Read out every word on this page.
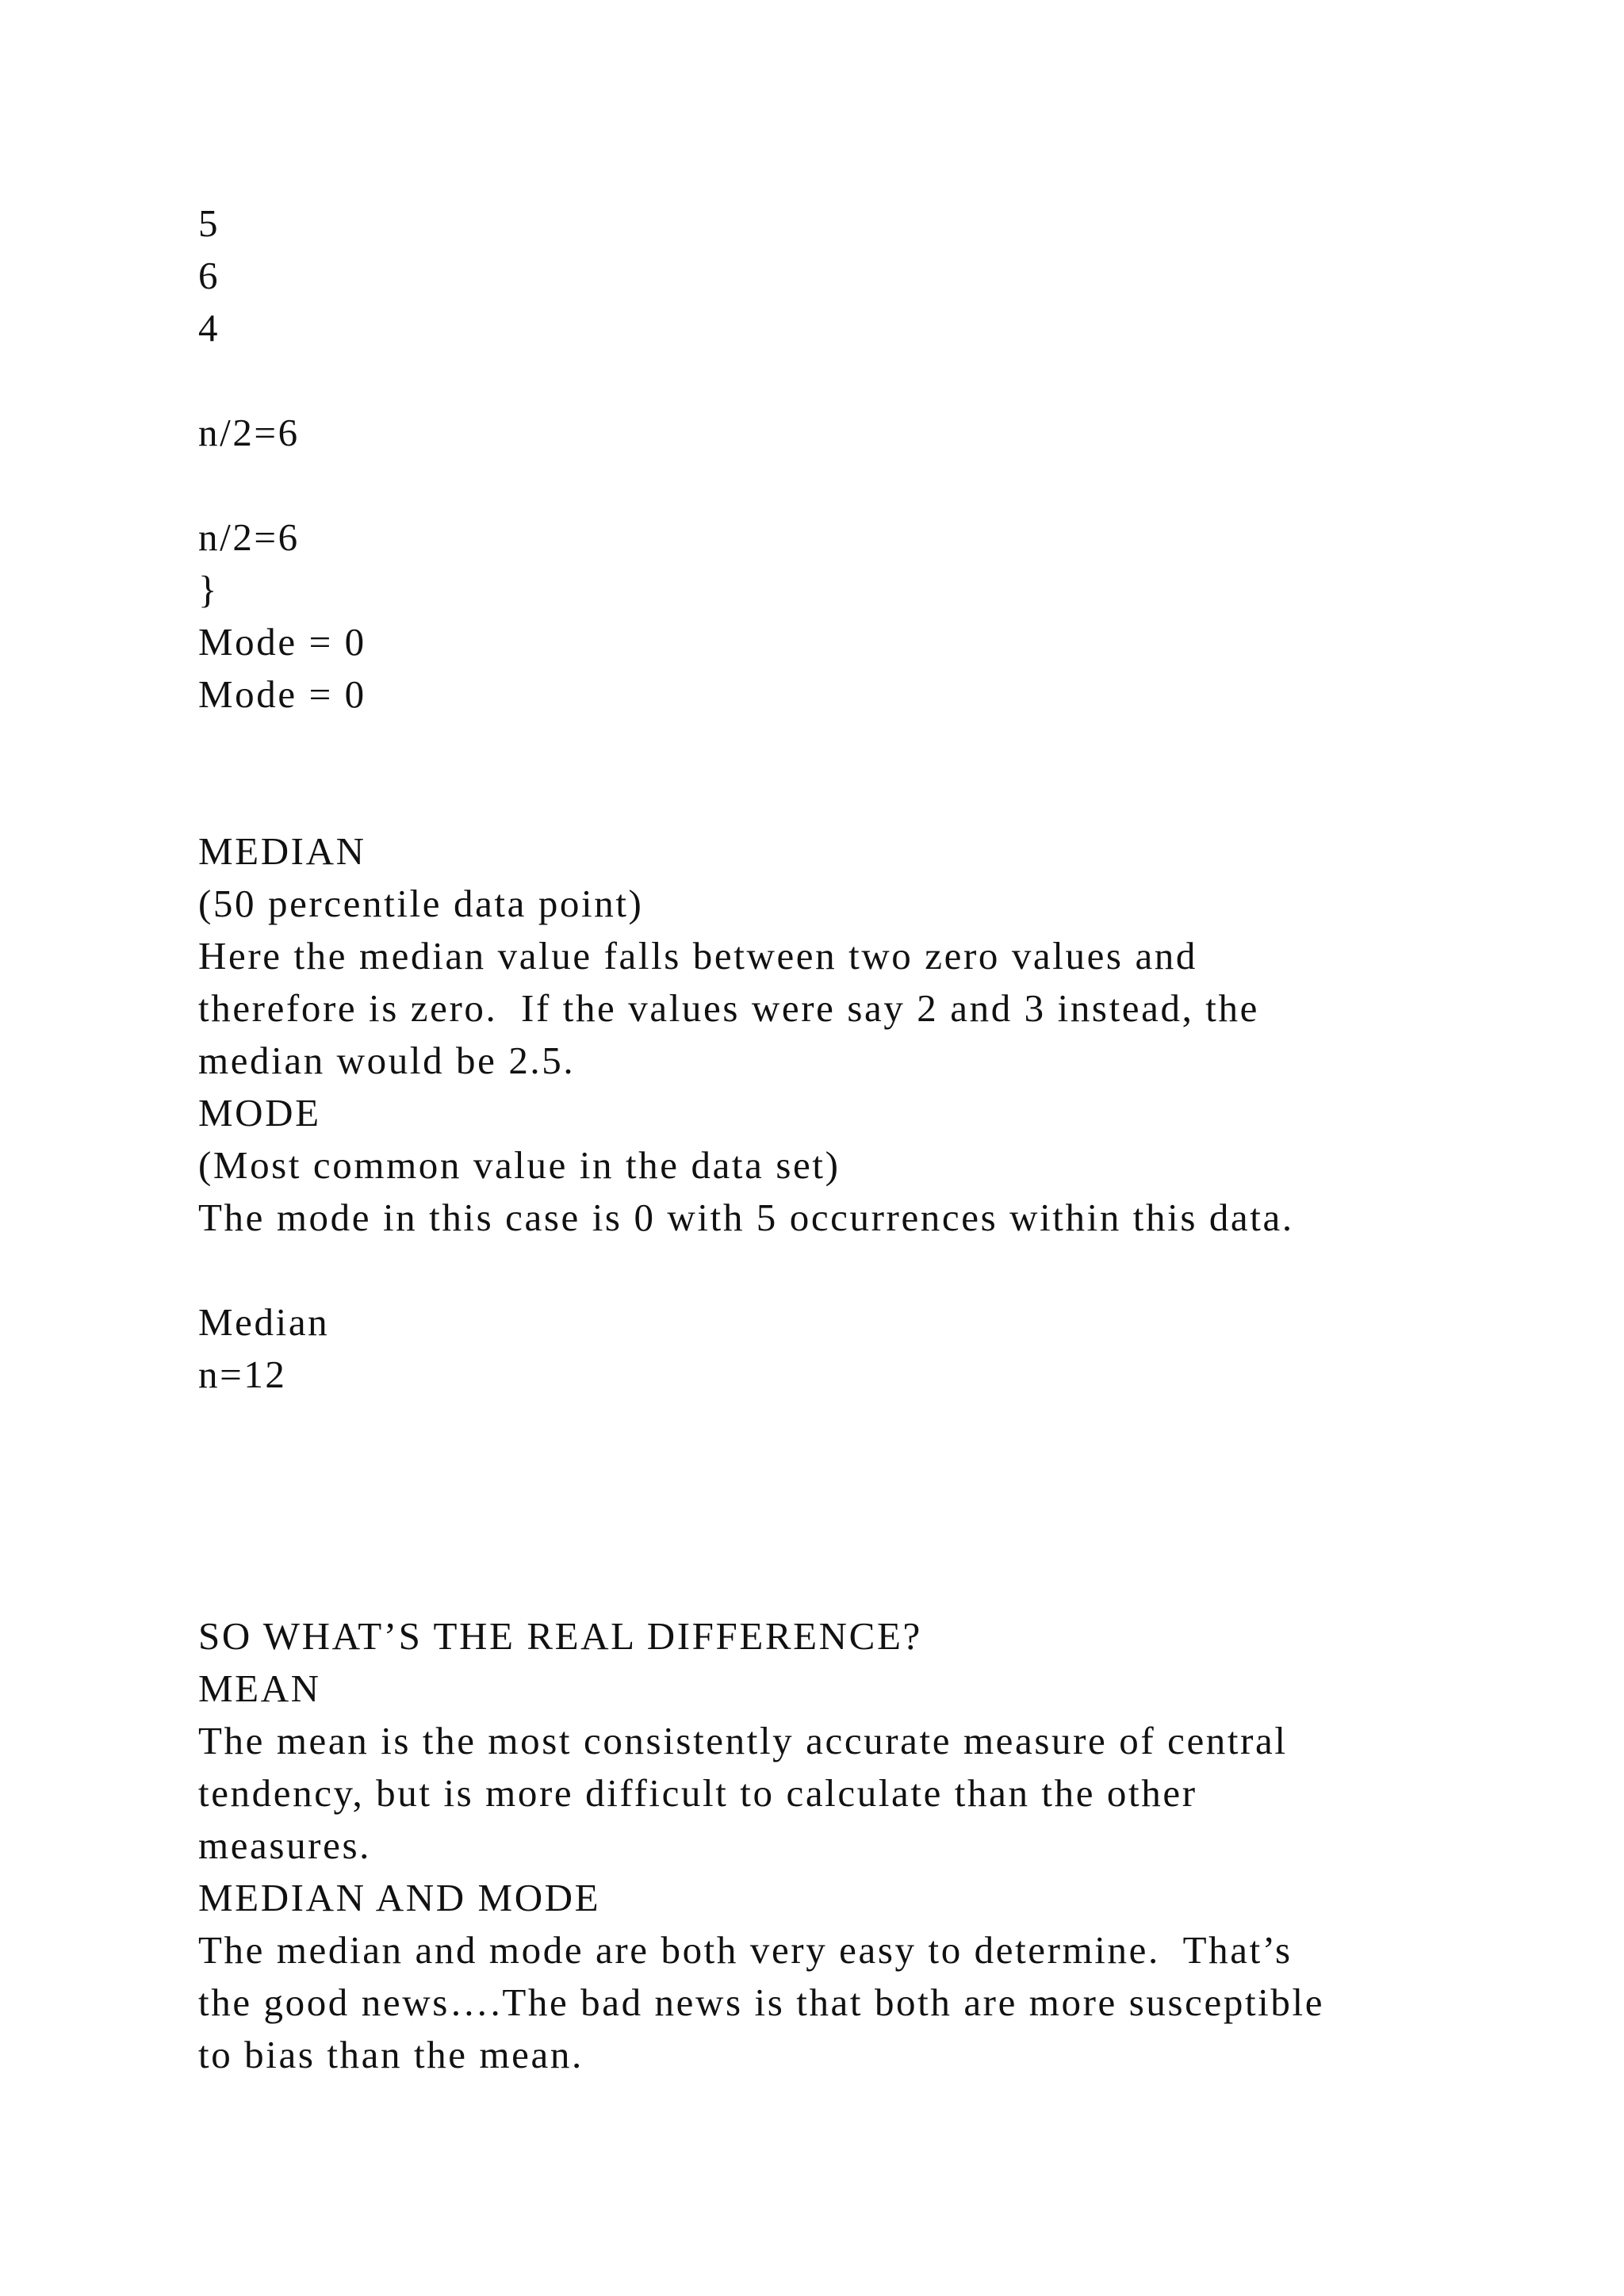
5

6

4

n/2=6

n/2=6

}

Mode = 0

Mode = 0

MEDIAN

(50 percentile data point)

Here the median value falls between two zero values and

therefore is zero.  If the values were say 2 and 3 instead, the

median would be 2.5.

MODE

(Most common value in the data set)

The mode in this case is 0 with 5 occurrences within this data.

Median

n=12

SO WHAT’S THE REAL DIFFERENCE?

MEAN

The mean is the most consistently accurate measure of central

tendency, but is more difficult to calculate than the other

measures.

MEDIAN AND MODE

The median and mode are both very easy to determine.  That’s

the good news….The bad news is that both are more susceptible

to bias than the mean.
